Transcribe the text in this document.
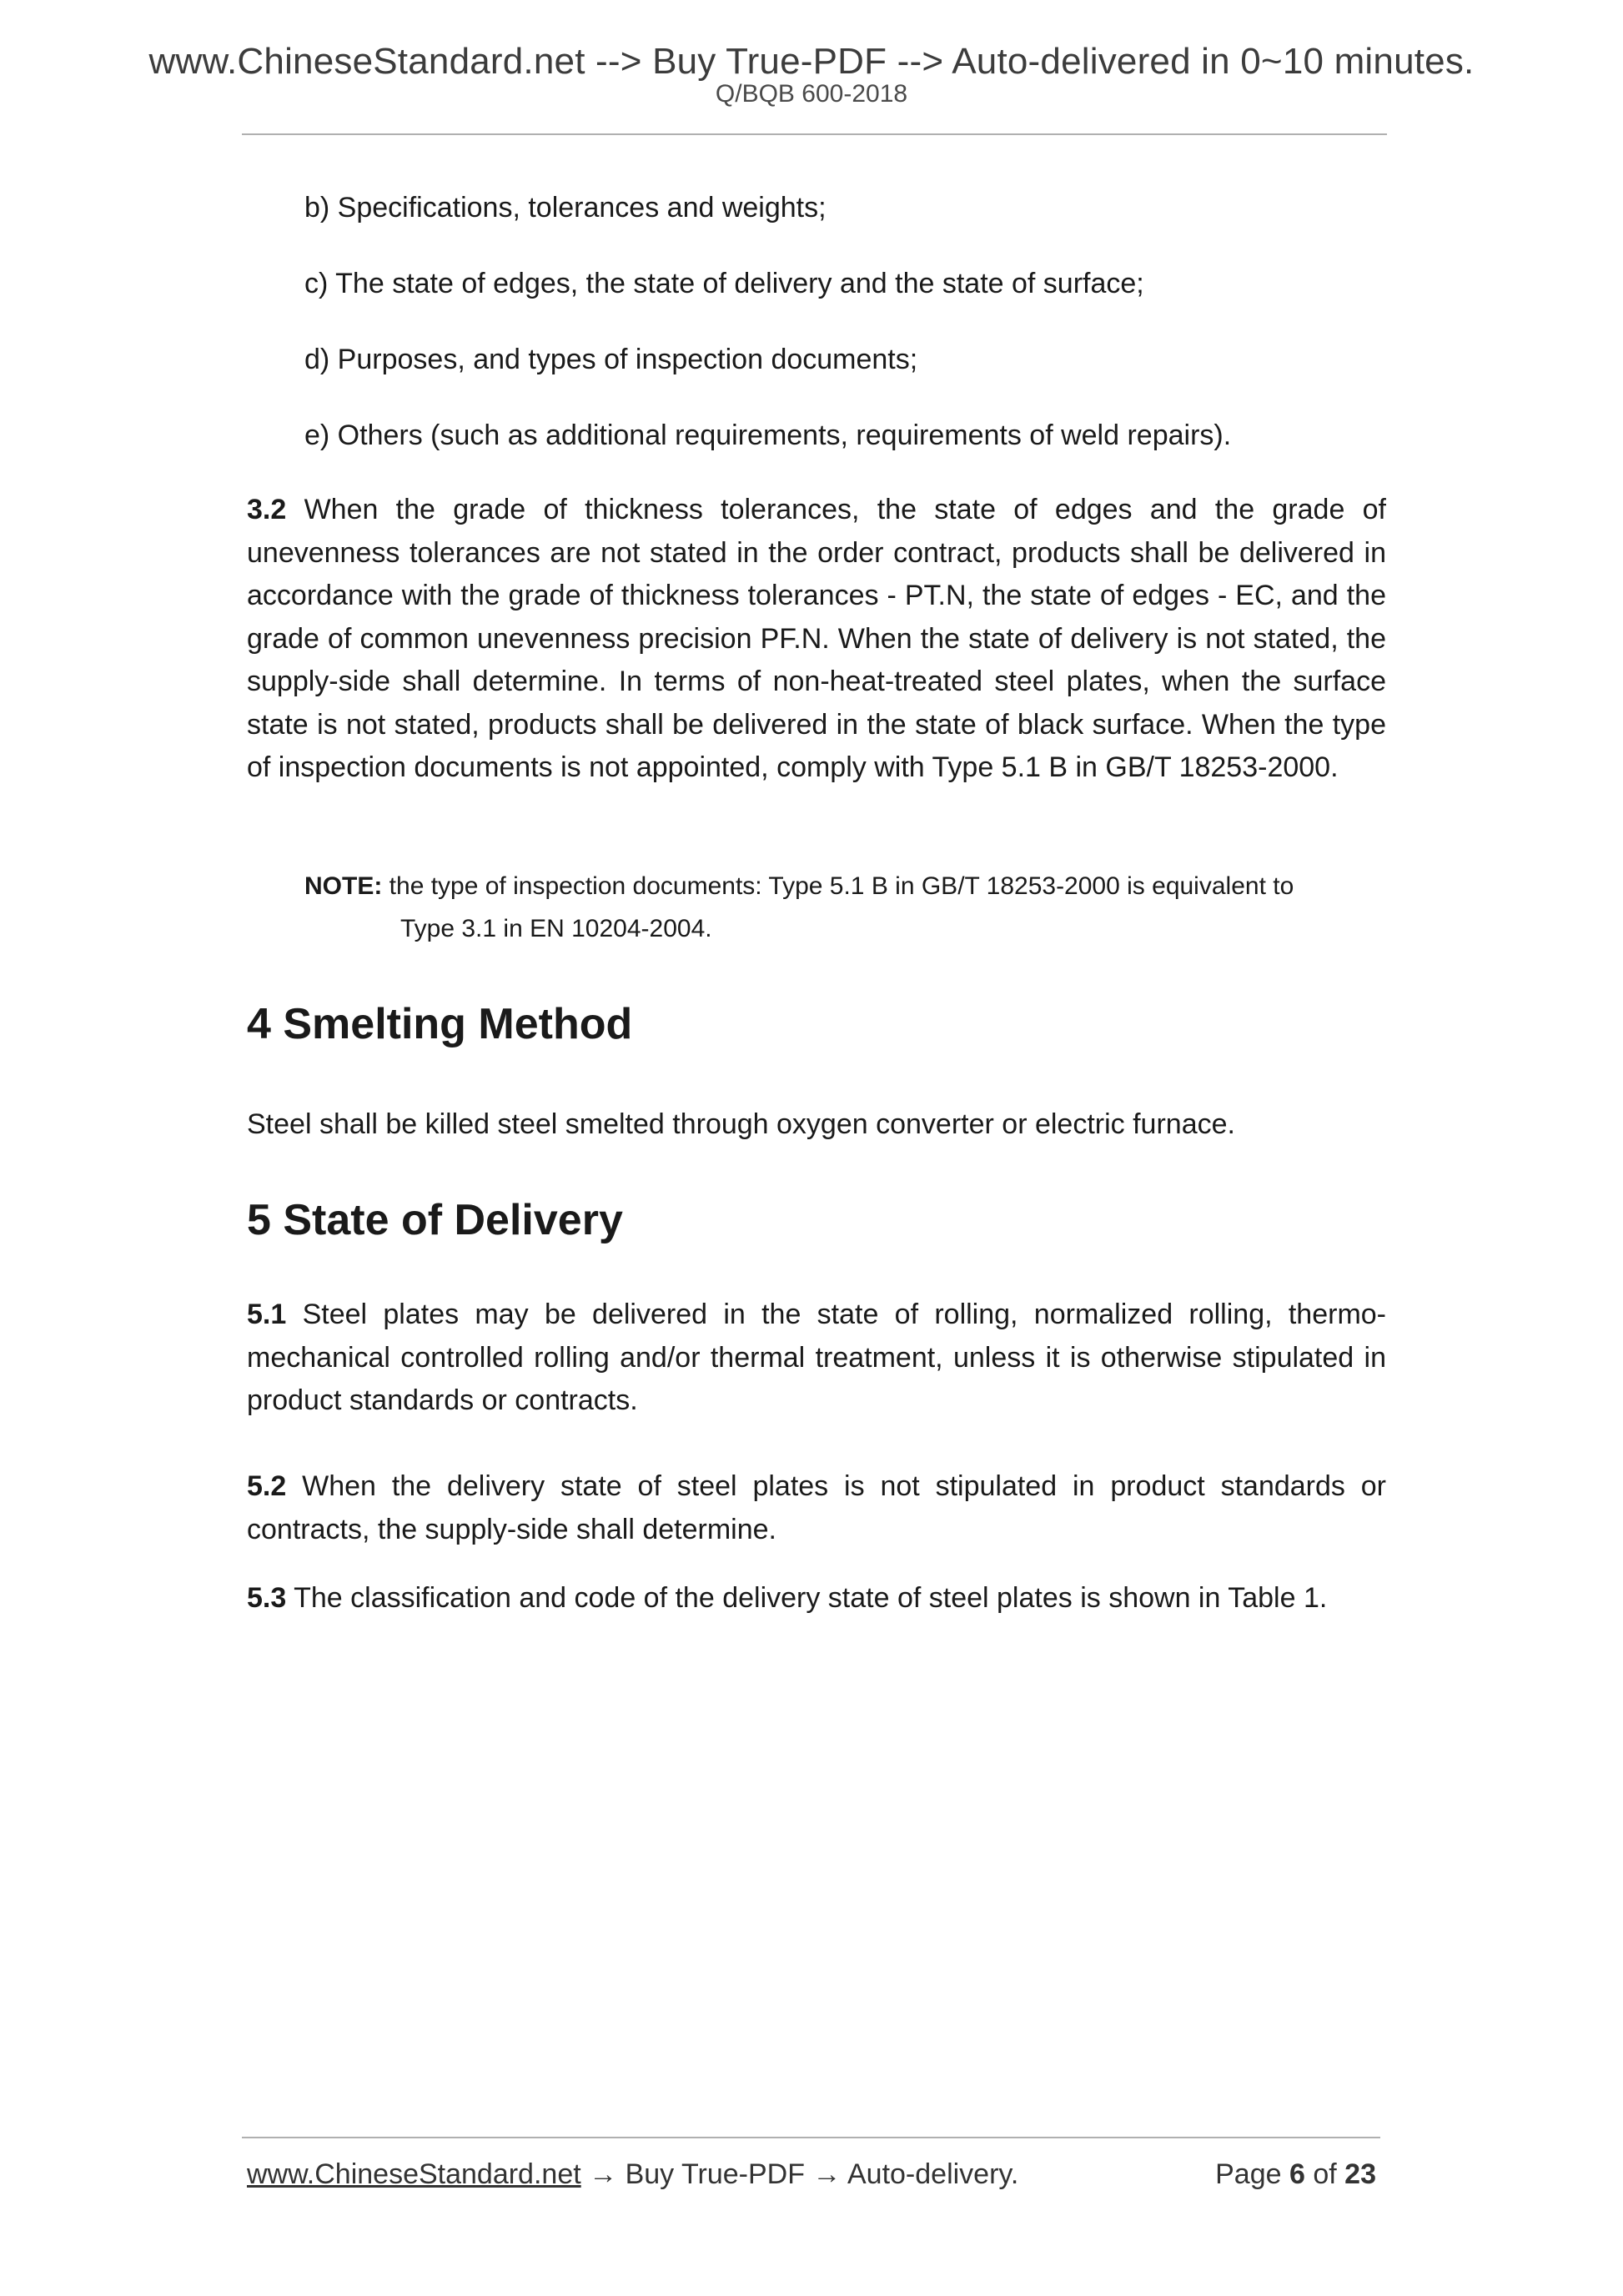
www.ChineseStandard.net --> Buy True-PDF --> Auto-delivered in 0~10 minutes.
Q/BQB 600-2018
b) Specifications, tolerances and weights;
c) The state of edges, the state of delivery and the state of surface;
d) Purposes, and types of inspection documents;
e) Others (such as additional requirements, requirements of weld repairs).
3.2 When the grade of thickness tolerances, the state of edges and the grade of unevenness tolerances are not stated in the order contract, products shall be delivered in accordance with the grade of thickness tolerances - PT.N, the state of edges - EC, and the grade of common unevenness precision PF.N. When the state of delivery is not stated, the supply-side shall determine. In terms of non-heat-treated steel plates, when the surface state is not stated, products shall be delivered in the state of black surface. When the type of inspection documents is not appointed, comply with Type 5.1 B in GB/T 18253-2000.
NOTE: the type of inspection documents: Type 5.1 B in GB/T 18253-2000 is equivalent to
Type 3.1 in EN 10204-2004.
4 Smelting Method
Steel shall be killed steel smelted through oxygen converter or electric furnace.
5 State of Delivery
5.1 Steel plates may be delivered in the state of rolling, normalized rolling, thermo-mechanical controlled rolling and/or thermal treatment, unless it is otherwise stipulated in product standards or contracts.
5.2 When the delivery state of steel plates is not stipulated in product standards or contracts, the supply-side shall determine.
5.3 The classification and code of the delivery state of steel plates is shown in Table 1.
www.ChineseStandard.net → Buy True-PDF → Auto-delivery.	Page 6 of 23
